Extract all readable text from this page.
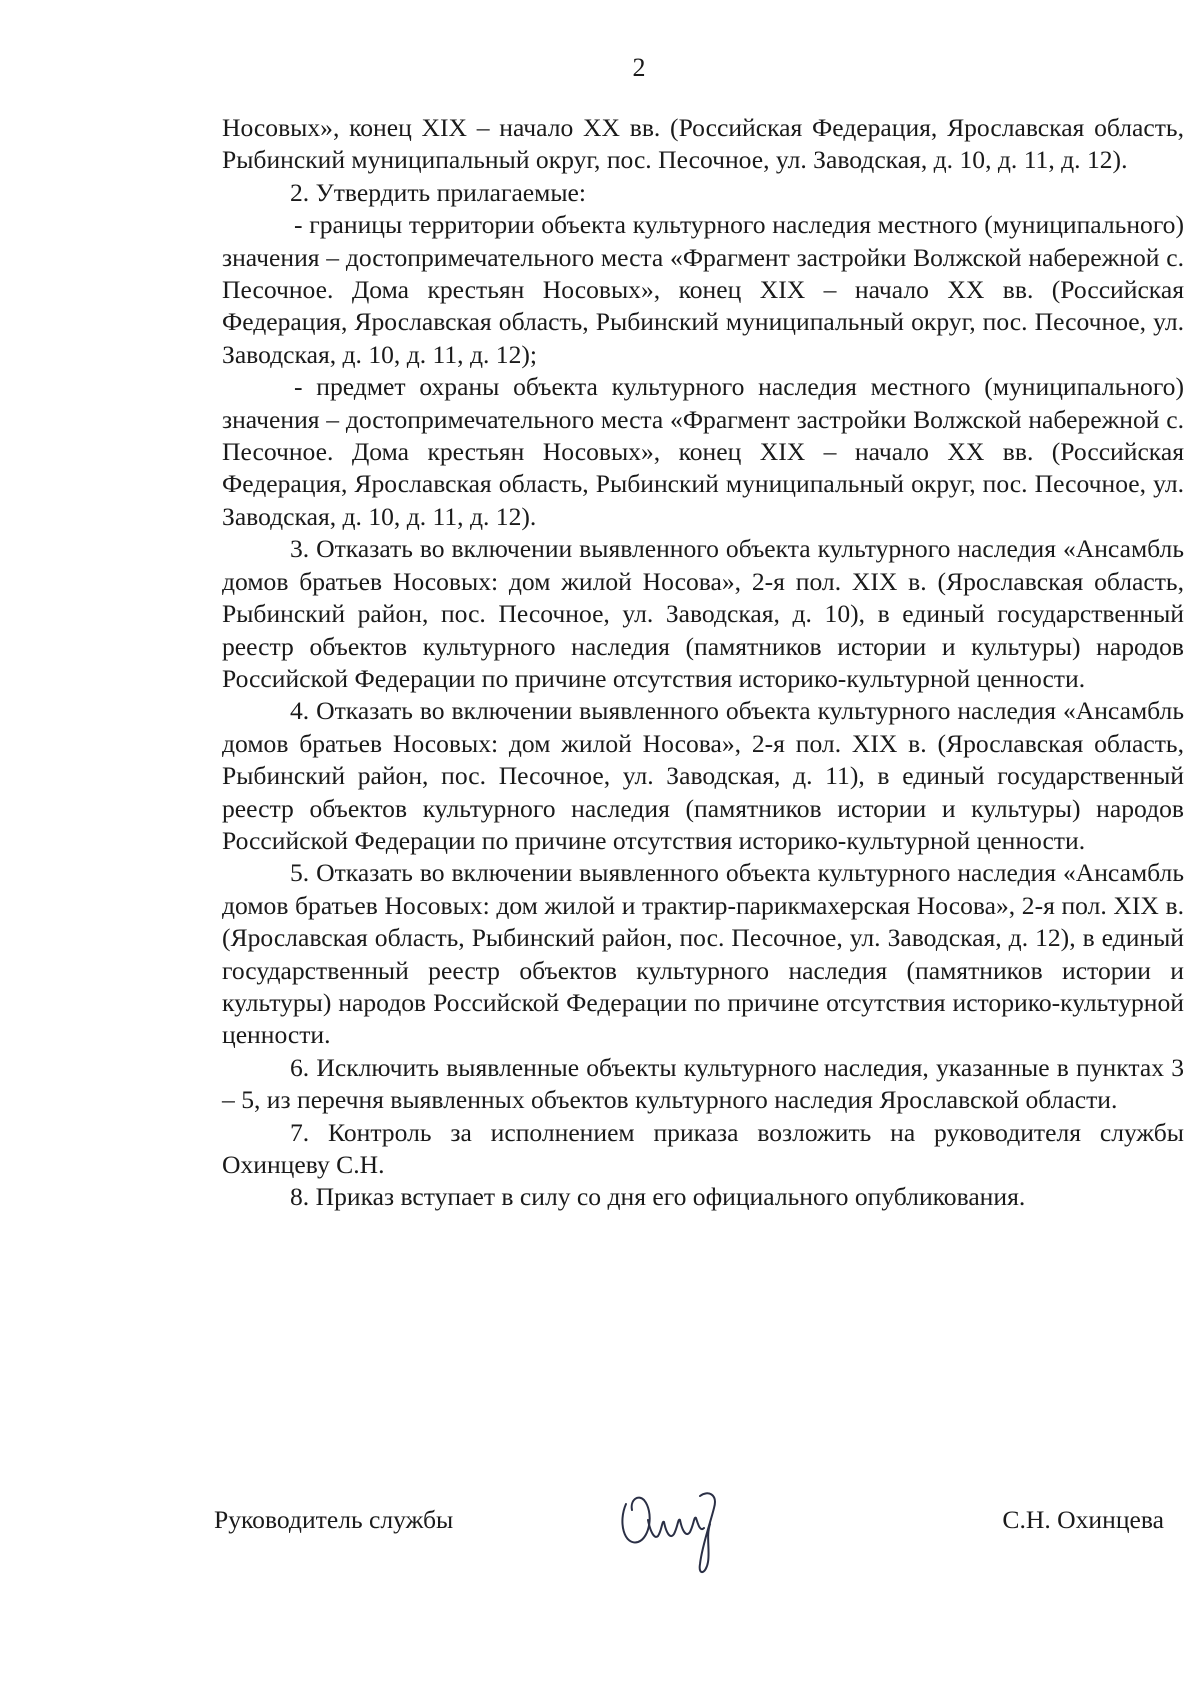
2

Носовых», конец XIX – начало XX вв. (Российская Федерация, Ярославская область, Рыбинский муниципальный округ, пос. Песочное, ул. Заводская, д. 10, д. 11, д. 12).

2. Утвердить прилагаемые:

- границы территории объекта культурного наследия местного (муниципального) значения – достопримечательного места «Фрагмент застройки Волжской набережной с. Песочное. Дома крестьян Носовых», конец XIX – начало XX вв. (Российская Федерация, Ярославская область, Рыбинский муниципальный округ, пос. Песочное, ул. Заводская, д. 10, д. 11, д. 12);

- предмет охраны объекта культурного наследия местного (муниципального) значения – достопримечательного места «Фрагмент застройки Волжской набережной с. Песочное. Дома крестьян Носовых», конец XIX – начало XX вв. (Российская Федерация, Ярославская область, Рыбинский муниципальный округ, пос. Песочное, ул. Заводская, д. 10, д. 11, д. 12).

3. Отказать во включении выявленного объекта культурного наследия «Ансамбль домов братьев Носовых: дом жилой Носова», 2-я пол. XIX в. (Ярославская область, Рыбинский район, пос. Песочное, ул. Заводская, д. 10), в единый государственный реестр объектов культурного наследия (памятников истории и культуры) народов Российской Федерации по причине отсутствия историко-культурной ценности.

4. Отказать во включении выявленного объекта культурного наследия «Ансамбль домов братьев Носовых: дом жилой Носова», 2-я пол. XIX в. (Ярославская область, Рыбинский район, пос. Песочное, ул. Заводская, д. 11), в единый государственный реестр объектов культурного наследия (памятников истории и культуры) народов Российской Федерации по причине отсутствия историко-культурной ценности.

5. Отказать во включении выявленного объекта культурного наследия «Ансамбль домов братьев Носовых: дом жилой и трактир-парикмахерская Носова», 2-я пол. XIX в. (Ярославская область, Рыбинский район, пос. Песочное, ул. Заводская, д. 12), в единый государственный реестр объектов культурного наследия (памятников истории и культуры) народов Российской Федерации по причине отсутствия историко-культурной ценности.

6. Исключить выявленные объекты культурного наследия, указанные в пунктах 3 – 5, из перечня выявленных объектов культурного наследия Ярославской области.

7. Контроль за исполнением приказа возложить на руководителя службы Охинцеву С.Н.

8. Приказ вступает в силу со дня его официального опубликования.

Руководитель службы	С.Н. Охинцева
